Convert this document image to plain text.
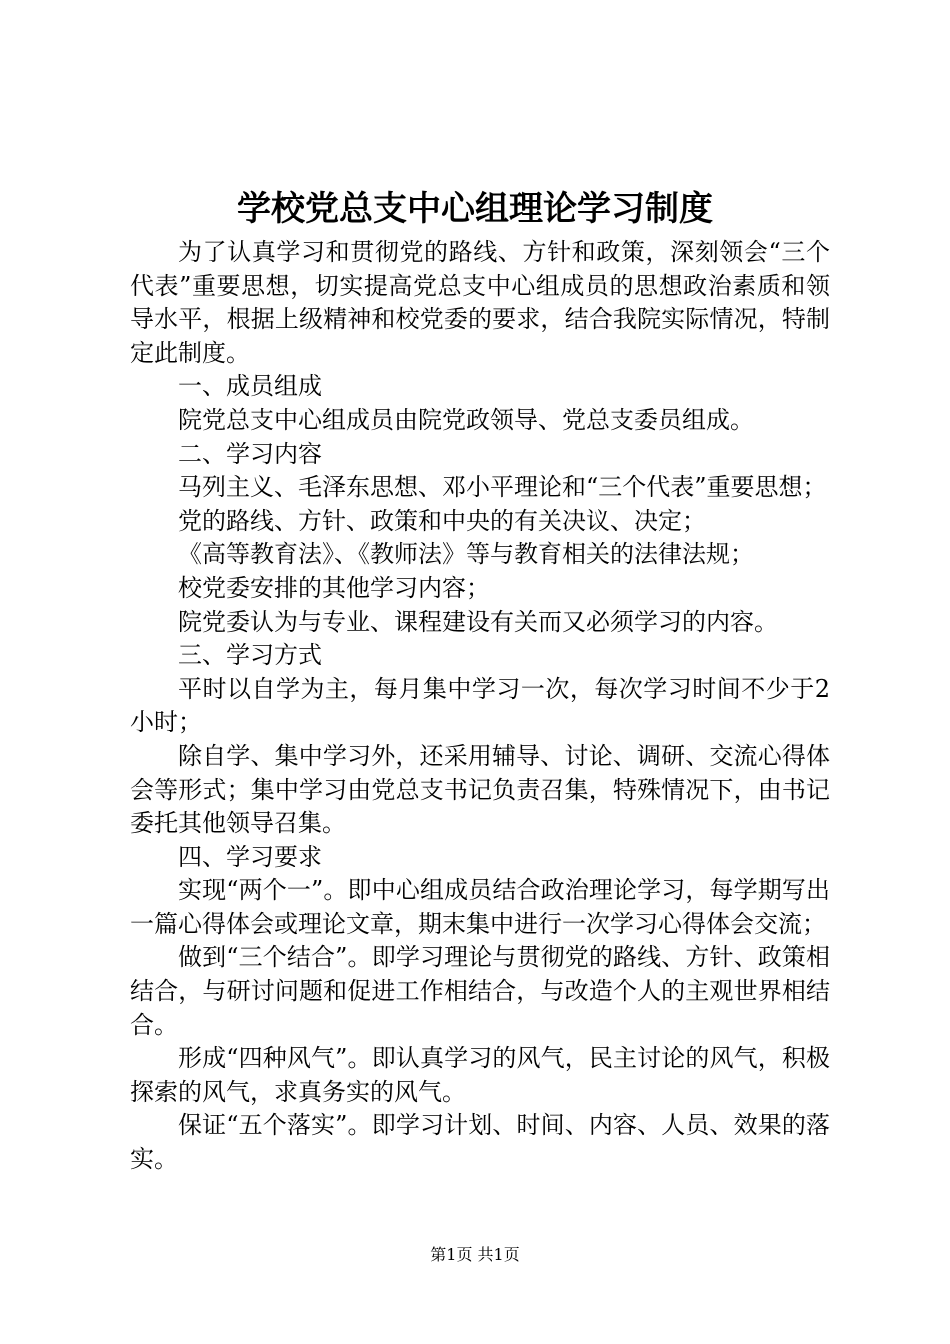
学校党总支中心组理论学习制度

为了认真学习和贯彻党的路线、方针和政策，深刻领会“三个代表”重要思想，切实提高党总支中心组成员的思想政治素质和领导水平，根据上级精神和校党委的要求，结合我院实际情况，特制定此制度。

一、成员组成

院党总支中心组成员由院党政领导、党总支委员组成。

二、学习内容

马列主义、毛泽东思想、邓小平理论和“三个代表”重要思想；

党的路线、方针、政策和中央的有关决议、决定；

《高等教育法》、《教师法》等与教育相关的法律法规；

校党委安排的其他学习内容；

院党委认为与专业、课程建设有关而又必须学习的内容。

三、学习方式

平时以自学为主，每月集中学习一次，每次学习时间不少于2小时；

除自学、集中学习外，还采用辅导、讨论、调研、交流心得体会等形式；集中学习由党总支书记负责召集，特殊情况下，由书记委托其他领导召集。

四、学习要求

实现“两个一”。即中心组成员结合政治理论学习，每学期写出一篇心得体会或理论文章，期末集中进行一次学习心得体会交流；

做到“三个结合”。即学习理论与贯彻党的路线、方针、政策相结合，与研讨问题和促进工作相结合，与改造个人的主观世界相结合。

形成“四种风气”。即认真学习的风气，民主讨论的风气，积极探索的风气，求真务实的风气。

保证“五个落实”。即学习计划、时间、内容、人员、效果的落实。

第1页 共1页
